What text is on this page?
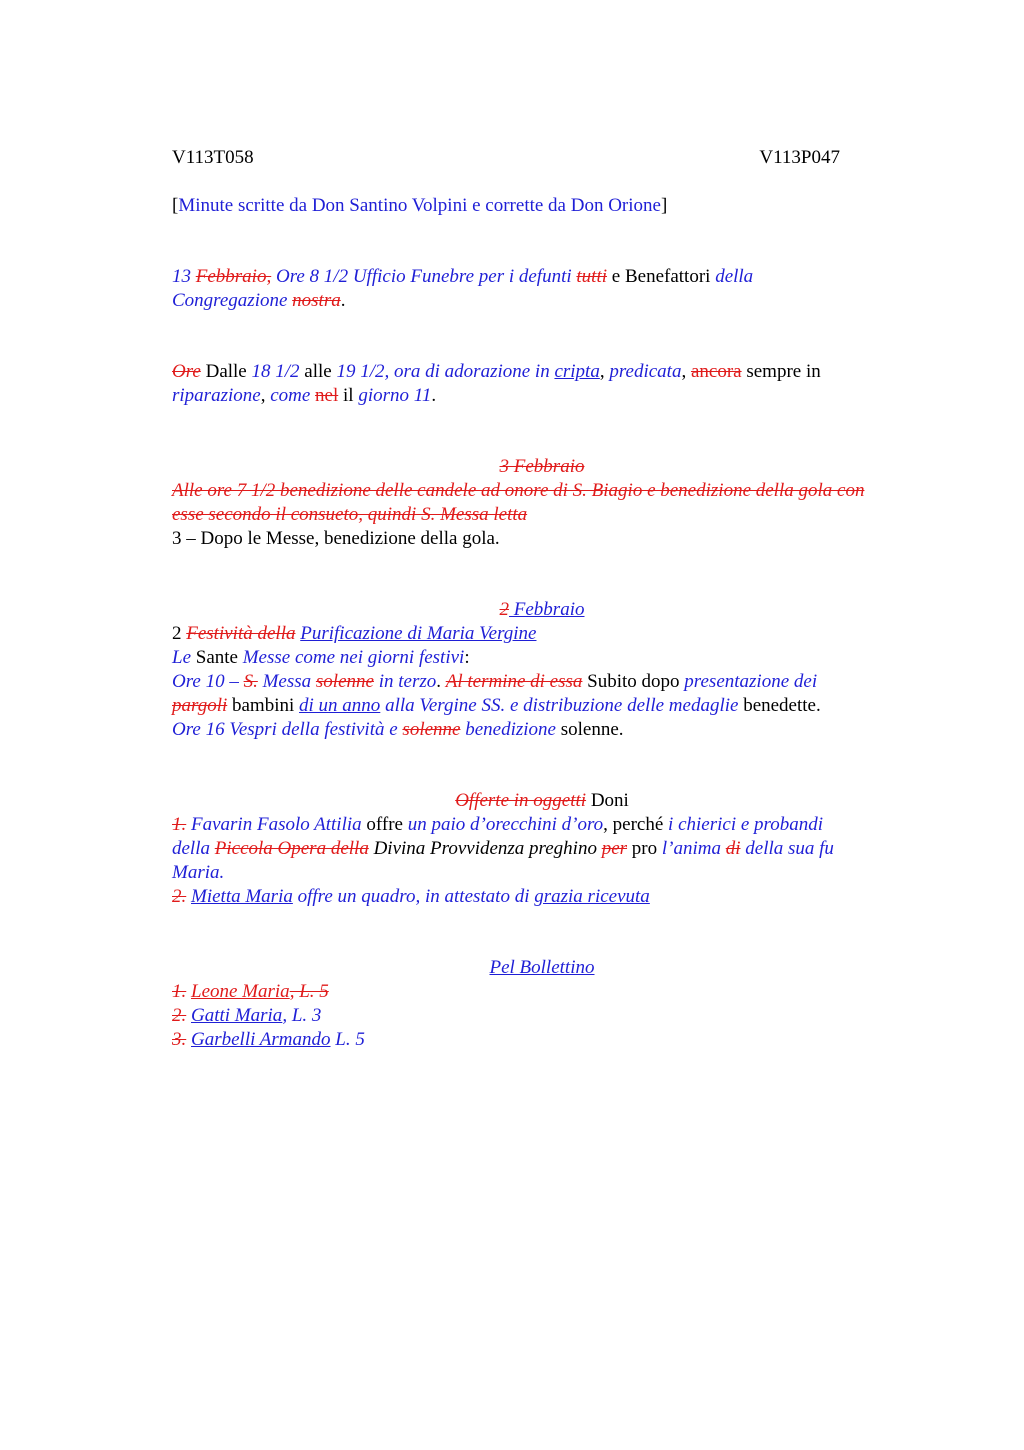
V113T058	V113P047
[Minute scritte da Don Santino Volpini e corrette da Don Orione]
13 Febbraio, Ore 8 1/2 Ufficio Funebre per i defunti tutti e Benefattori della
Congregazione nostra.
Ore Dalle 18 1/2 alle 19 1/2, ora di adorazione in cripta, predicata, ancora sempre in
riparazione, come nel il giorno 11.
3 Febbraio
Alle ore 7 1/2 benedizione delle candele ad onore di S. Biagio e benedizione della gola con
esse secondo il consueto, quindi S. Messa letta
3 – Dopo le Messe, benedizione della gola.
2 Febbraio
2 Festività della Purificazione di Maria Vergine
Le Sante Messe come nei giorni festivi:
Ore 10 – S. Messa solenne in terzo. Al termine di essa Subito dopo presentazione dei
pargoli bambini di un anno alla Vergine SS. e distribuzione delle medaglie benedette.
Ore 16 Vespri della festività e solenne benedizione solenne.
Offerte in oggetti Doni
1. Favarin Fasolo Attilia offre un paio d’orecchini d’oro, perché i chierici e probandi
della Piccola Opera della Divina Provvidenza preghino per pro l’anima di della sua fu
Maria.
2. Mietta Maria offre un quadro, in attestato di grazia ricevuta
Pel Bollettino
1. Leone Maria, L. 5
2. Gatti Maria, L. 3
3. Garbelli Armando L. 5
